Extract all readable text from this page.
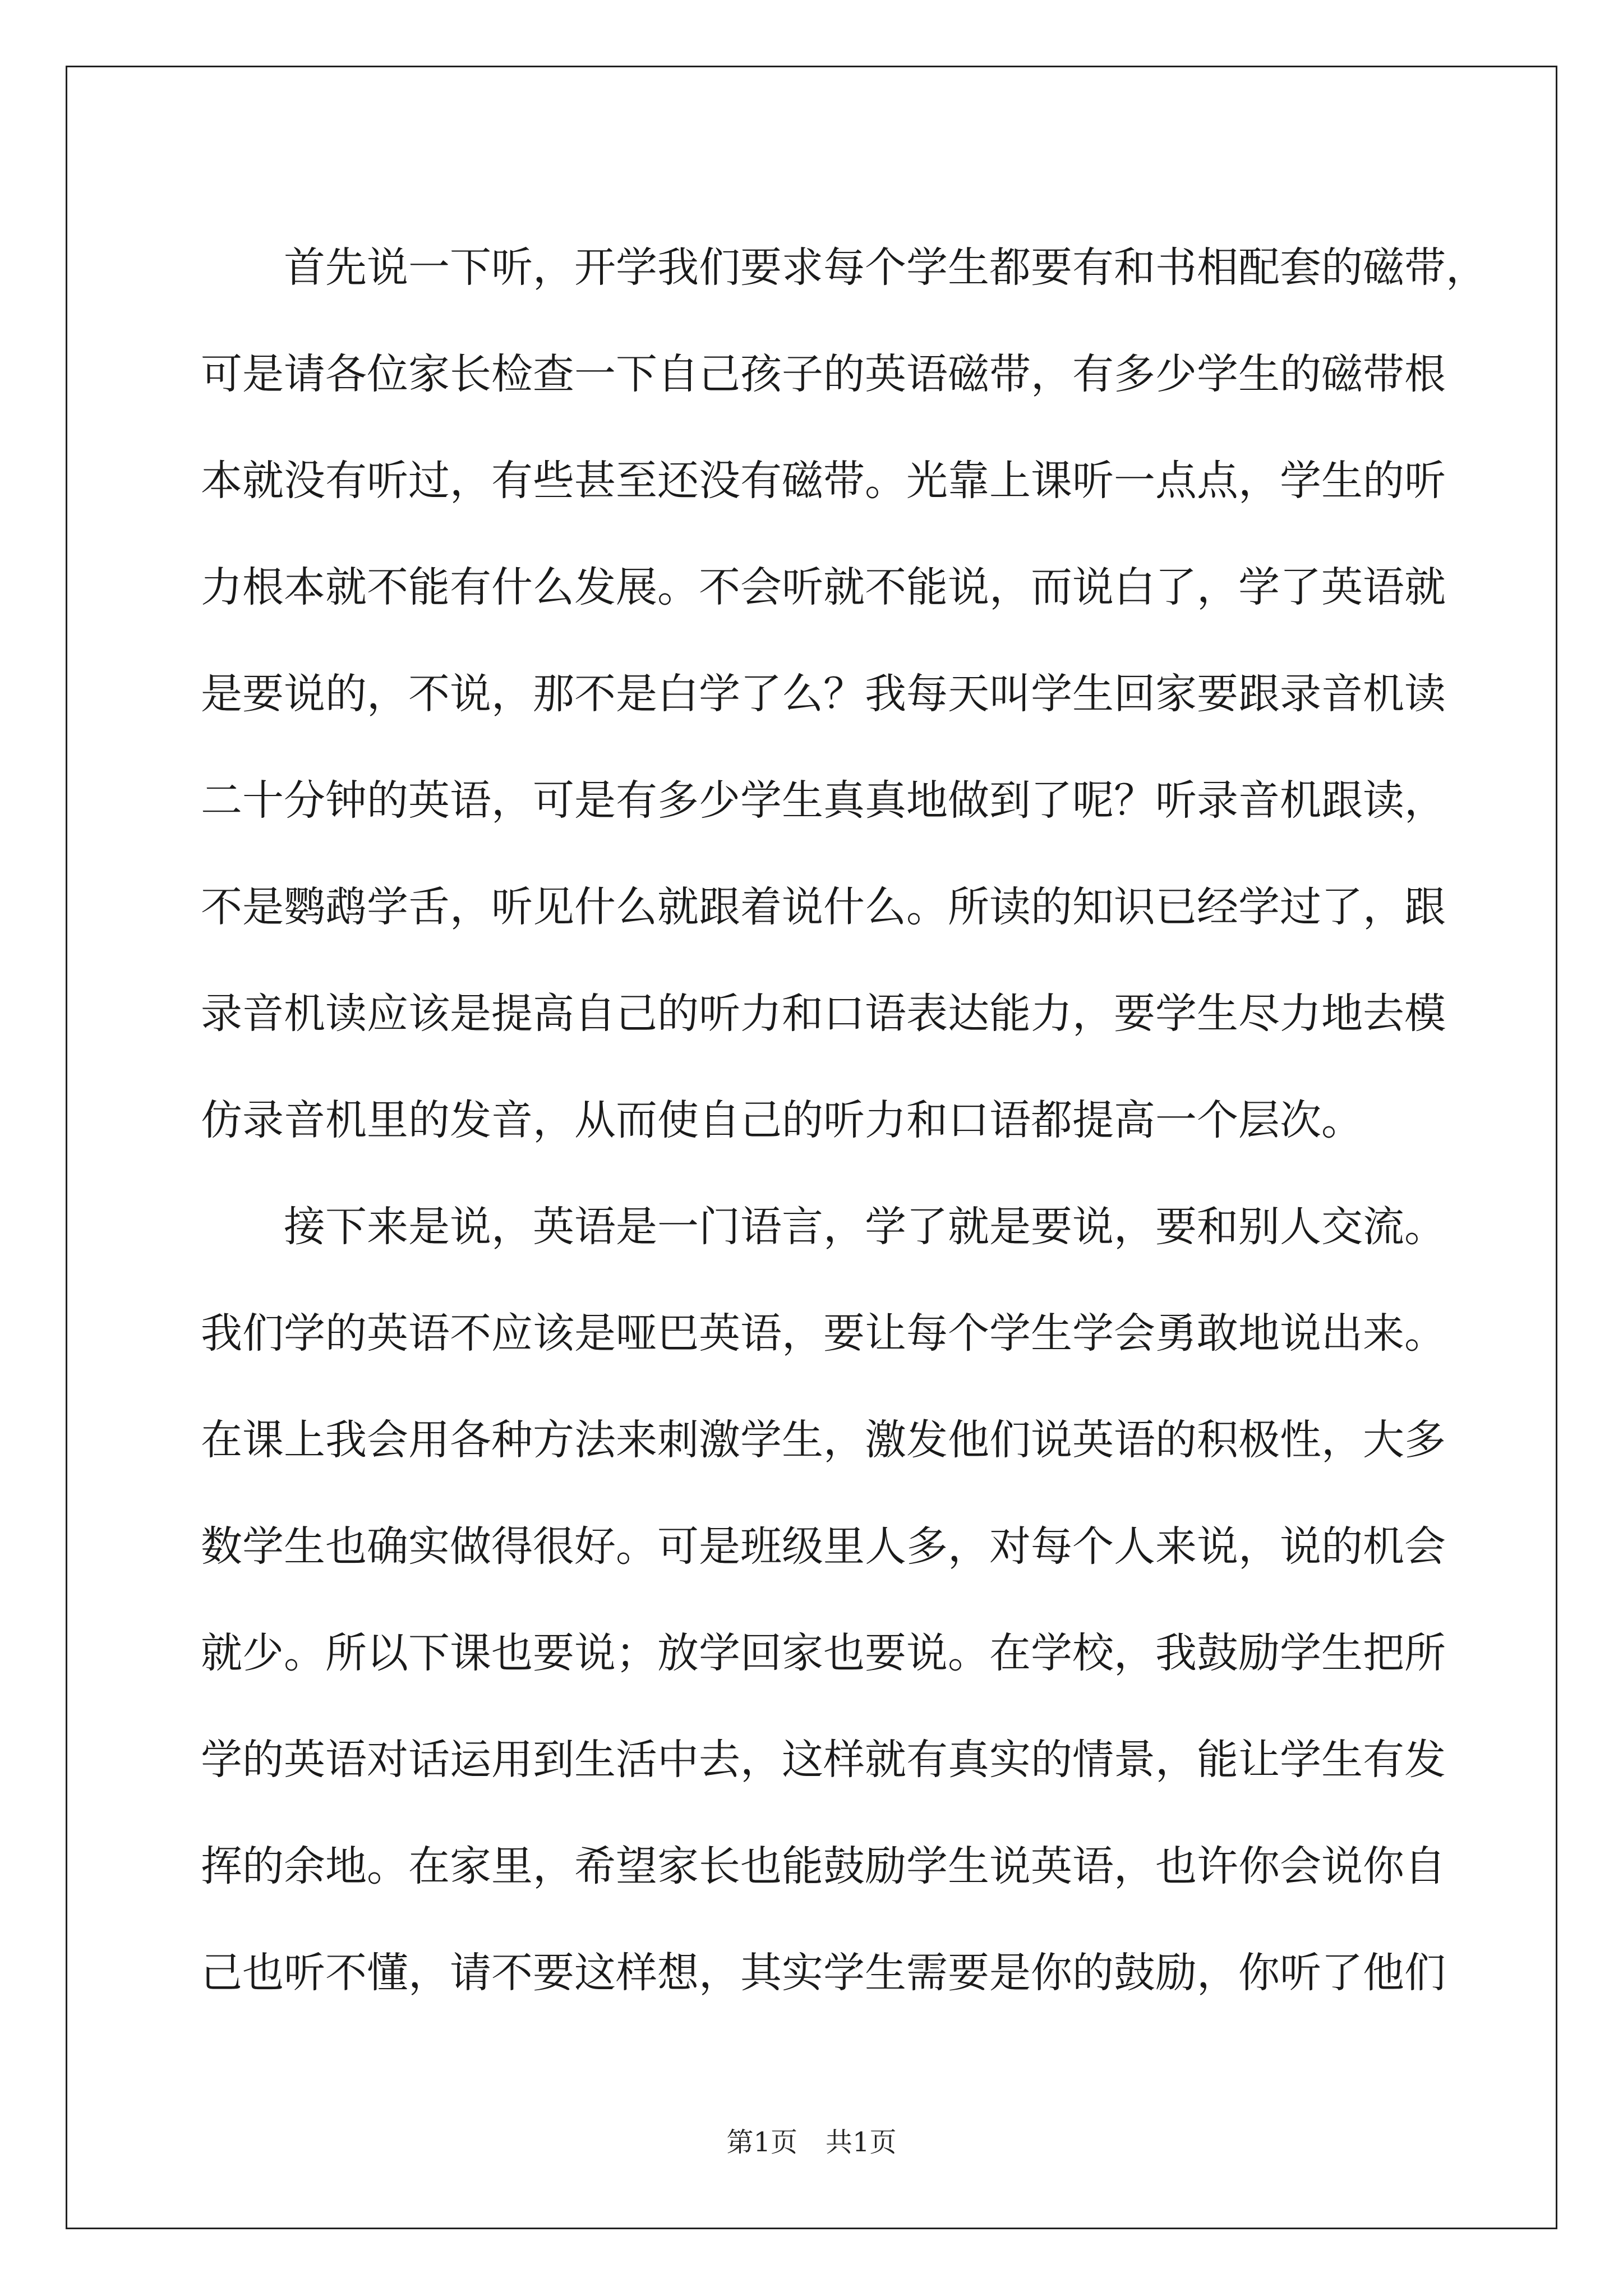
首先说一下听，开学我们要求每个学生都要有和书相配套的磁带，
可是请各位家长检查一下自己孩子的英语磁带，有多少学生的磁带根
本就没有听过，有些甚至还没有磁带。光靠上课听一点点，学生的听
力根本就不能有什么发展。不会听就不能说，而说白了，学了英语就
是要说的，不说，那不是白学了么？我每天叫学生回家要跟录音机读
二十分钟的英语，可是有多少学生真真地做到了呢？听录音机跟读，
不是鹦鹉学舌，听见什么就跟着说什么。所读的知识已经学过了，跟
录音机读应该是提高自己的听力和口语表达能力，要学生尽力地去模
仿录音机里的发音，从而使自己的听力和口语都提高一个层次。
接下来是说，英语是一门语言，学了就是要说，要和别人交流。
我们学的英语不应该是哑巴英语，要让每个学生学会勇敢地说出来。
在课上我会用各种方法来刺激学生，激发他们说英语的积极性，大多
数学生也确实做得很好。可是班级里人多，对每个人来说，说的机会
就少。所以下课也要说；放学回家也要说。在学校，我鼓励学生把所
学的英语对话运用到生活中去，这样就有真实的情景，能让学生有发
挥的余地。在家里，希望家长也能鼓励学生说英语，也许你会说你自
己也听不懂，请不要这样想，其实学生需要是你的鼓励，你听了他们
第1页 共1页
